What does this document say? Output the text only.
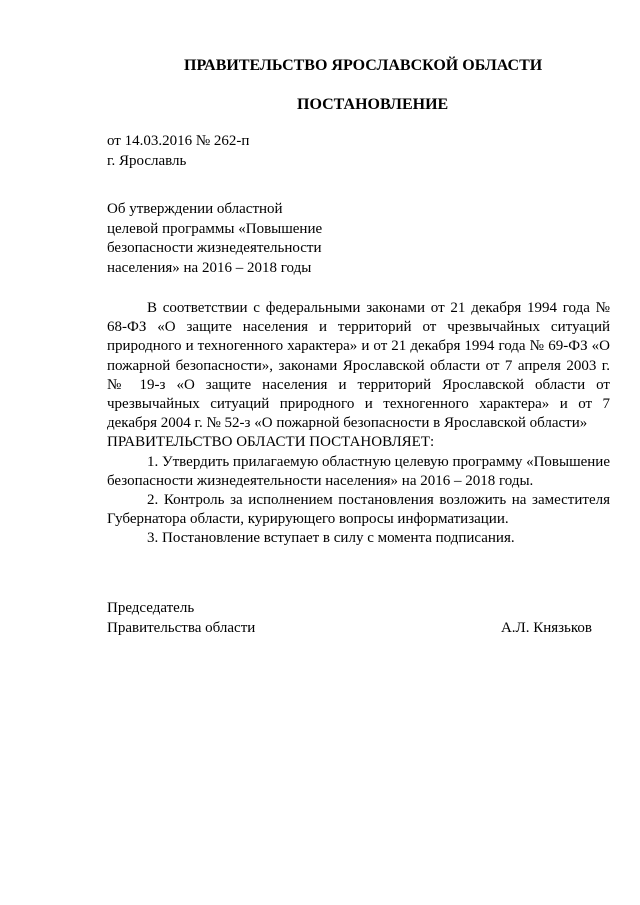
ПРАВИТЕЛЬСТВО ЯРОСЛАВСКОЙ ОБЛАСТИ
ПОСТАНОВЛЕНИЕ
от 14.03.2016 № 262-п
г. Ярославль
Об утверждении областной
целевой программы «Повышение
безопасности жизнедеятельности
населения» на 2016 – 2018 годы

В соответствии с федеральными законами от 21 декабря 1994 года № 68-ФЗ «О защите населения и территорий от чрезвычайных ситуаций природного и техногенного характера» и от 21 декабря 1994 года № 69-ФЗ «О пожарной безопасности», законами Ярославской области от 7 апреля 2003 г. № 19-з «О защите населения и территорий Ярославской области от чрезвычайных ситуаций природного и техногенного характера» и от 7 декабря 2004 г. № 52-з «О пожарной безопасности в Ярославской области»

ПРАВИТЕЛЬСТВО ОБЛАСТИ ПОСТАНОВЛЯЕТ:

1. Утвердить прилагаемую областную целевую программу «Повышение безопасности жизнедеятельности населения» на 2016 – 2018 годы.

2. Контроль за исполнением постановления возложить на заместителя Губернатора области, курирующего вопросы информатизации.

3. Постановление вступает в силу с момента подписания.

Председатель
Правительства области	А.Л. Князьков
